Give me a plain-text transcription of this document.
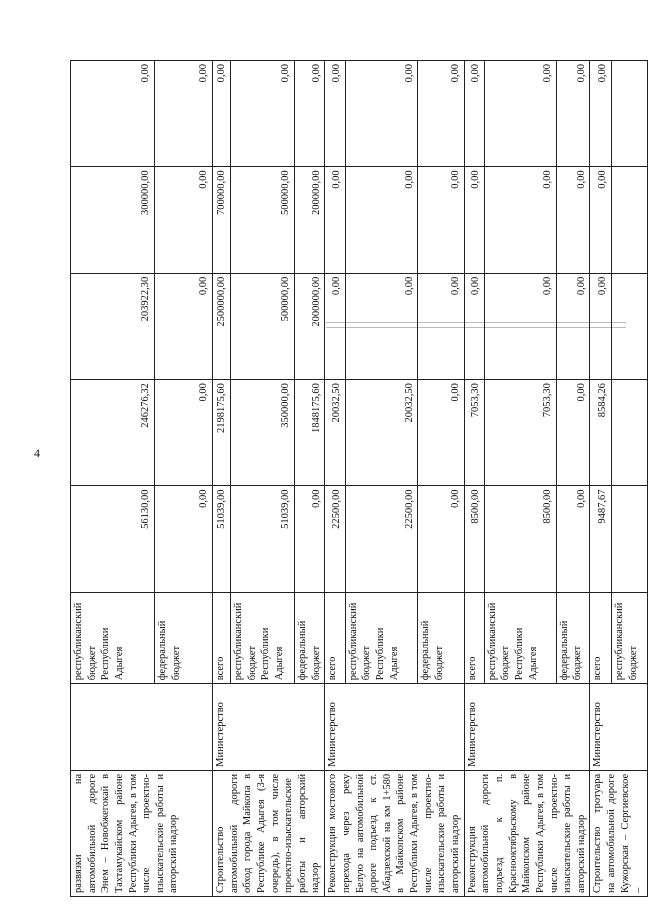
4
развязки на автомобильной дороге Энем – Новобжегокай в Тахтамукайском районе Республики Адыгея, в том числе проектно-изыскательские работы и авторский надзор		республиканский бюджет Республики Адыгея	56130,00	246276,32	203922,30	300000,00	0,00
		федеральный бюджет	0,00	0,00	0,00	0,00	0,00
Строительство автомобильной дороги обход города Майкопа в Республике Адыгея (3-я очередь), в том числе проектно-изыскательские работы и авторский надзор	Министерство	всего	51039,00	2198175,60	2500000,00	700000,00	0,00
		республиканский бюджет Республики Адыгея	51039,00	350000,00	500000,00	500000,00	0,00
		федеральный бюджет	0,00	1848175,60	2000000,00	200000,00	0,00
Реконструкция мостового перехода через реку Белую на автомобильной дороге подъезд к ст. Абадзехской на км 1+580 в Майкопском районе Республики Адыгея, в том числе проектно-изыскательские работы и авторский надзор	Министерство	всего	22500,00	20032,50	0,00	0,00	0,00
		республиканский бюджет Республики Адыгея	22500,00	20032,50	0,00	0,00	0,00
		федеральный бюджет	0,00	0,00	0,00	0,00	0,00
Реконструкция автомобильной дороги подъезд к п. Краснооктябрьскому в Майкопском районе Республики Адыгея, в том числе проектно-изыскательские работы и авторский надзор	Министерство	всего	8500,00	7053,30	0,00	0,00	0,00
		республиканский бюджет Республики Адыгея	8500,00	7053,30	0,00	0,00	0,00
		федеральный бюджет	0,00	0,00	0,00	0,00	0,00
Строительство тротуара на автомобильной дороге Кужорская – Сергиевское –	Министерство	всего	9487,67	8584,26	0,00	0,00	0,00
		республиканский бюджет					
